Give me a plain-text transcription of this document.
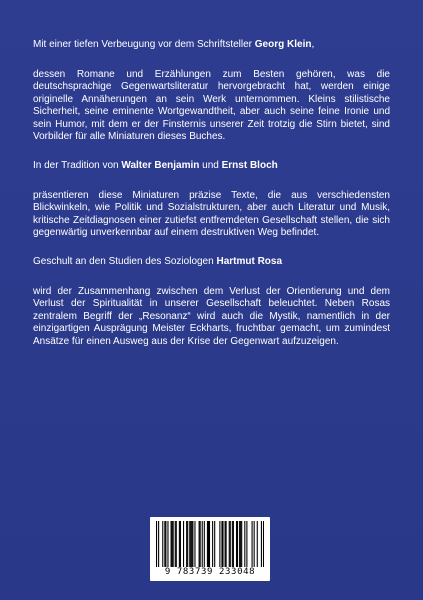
Mit einer tiefen Verbeugung vor dem Schriftsteller Georg Klein,
dessen Romane und Erzählungen zum Besten gehören, was die deutschsprachige Gegenwartsliteratur hervorgebracht hat, werden einige originelle Annäherungen an sein Werk unternommen. Kleins stilistische Sicherheit, seine eminente Wortgewandtheit, aber auch seine feine Ironie und sein Humor, mit dem er der Finsternis unserer Zeit trotzig die Stirn bietet, sind Vorbilder für alle Miniaturen dieses Buches.
In der Tradition von Walter Benjamin und Ernst Bloch
präsentieren diese Miniaturen präzise Texte, die aus verschiedensten Blickwinkeln, wie Politik und Sozialstrukturen, aber auch Literatur und Musik, kritische Zeitdiagnosen einer zutiefst entfremdeten Gesellschaft stellen, die sich gegenwärtig unverkennbar auf einem destruktiven Weg befindet.
Geschult an den Studien des Soziologen Hartmut Rosa
wird der Zusammenhang zwischen dem Verlust der Orientierung und dem Verlust der Spiritualität in unserer Gesellschaft beleuchtet. Neben Rosas zentralem Begriff der „Resonanz“ wird auch die Mystik, namentlich in der einzigartigen Ausprägung Meister Eckharts, fruchtbar gemacht, um zumindest Ansätze für einen Ausweg aus der Krise der Gegenwart aufzuzeigen.
9 783739 233048
